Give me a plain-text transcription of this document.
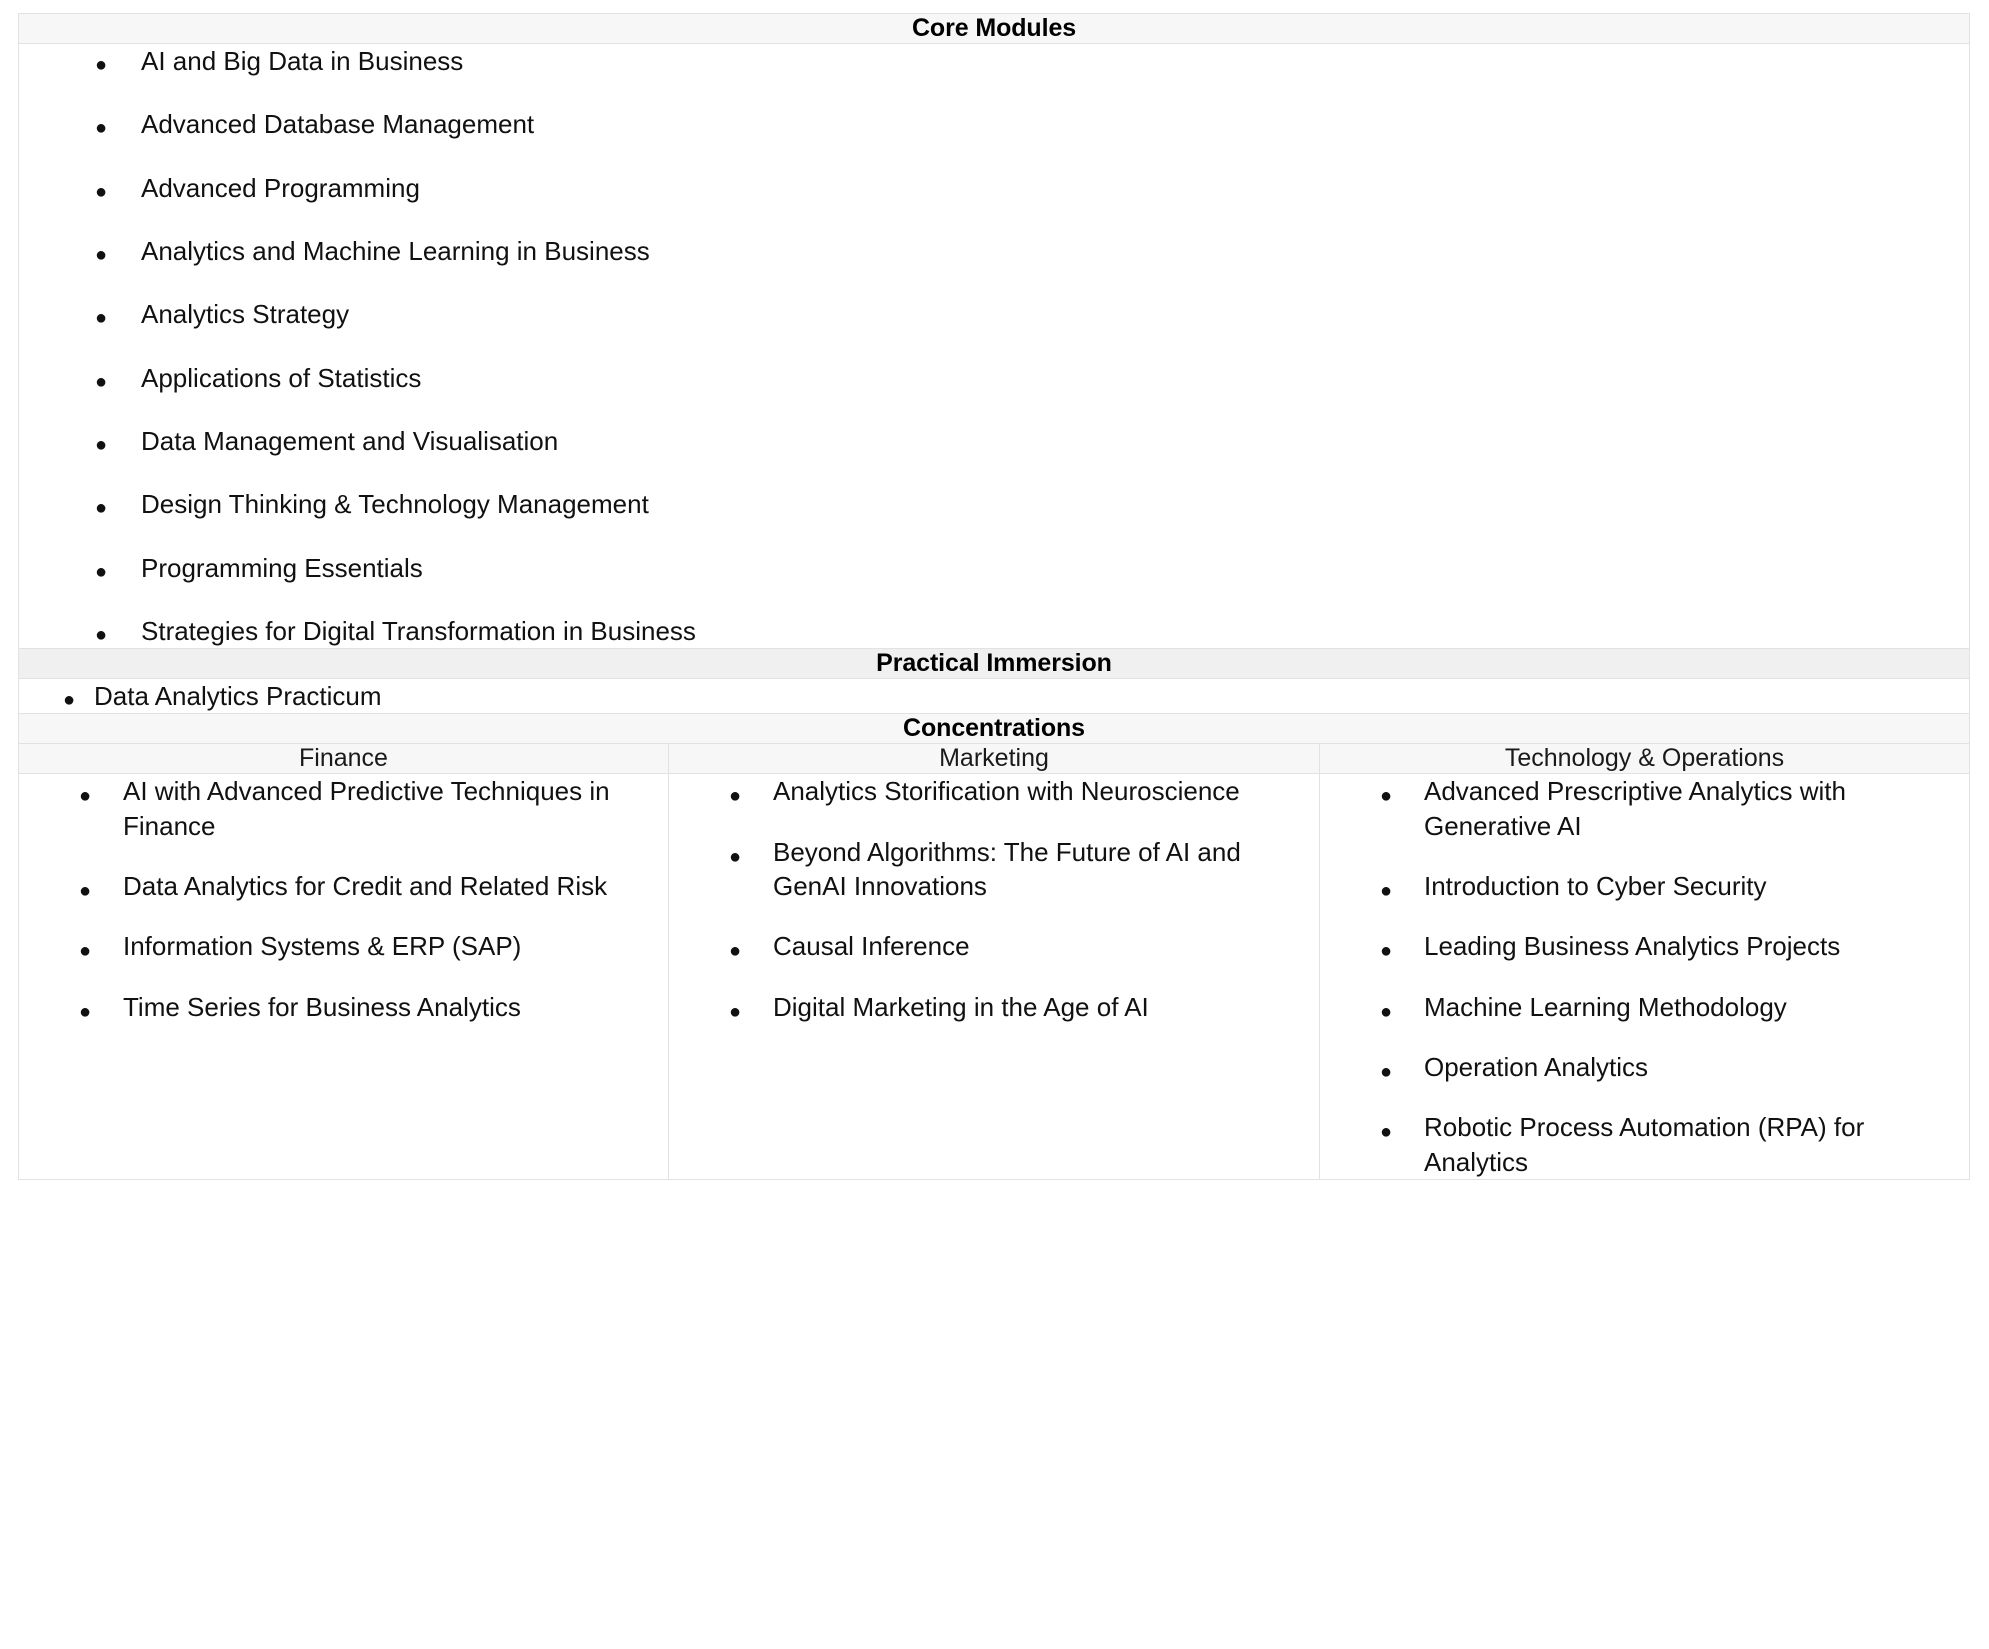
Core Modules		

● AI and Big Data in Business
● Advanced Database Management
● Advanced Programming
● Analytics and Machine Learning in Business
● Analytics Strategy
● Applications of Statistics
● Data Management and Visualisation
● Design Thinking & Technology Management
● Programming Essentials
● Strategies for Digital Transformation in Business

Practical Immersion		

● Data Analytics Practicum

Concentrations		
Finance	Marketing	Technology & Operations

● AI with Advanced Predictive Techniques in Finance
● Data Analytics for Credit and Related Risk
● Information Systems & ERP (SAP)
● Time Series for Business Analytics

● Analytics Storification with Neuroscience
● Beyond Algorithms: The Future of AI and GenAI Innovations
● Causal Inference
● Digital Marketing in the Age of AI

● Advanced Prescriptive Analytics with Generative AI
● Introduction to Cyber Security
● Leading Business Analytics Projects
● Machine Learning Methodology
● Operation Analytics
● Robotic Process Automation (RPA) for Analytics
